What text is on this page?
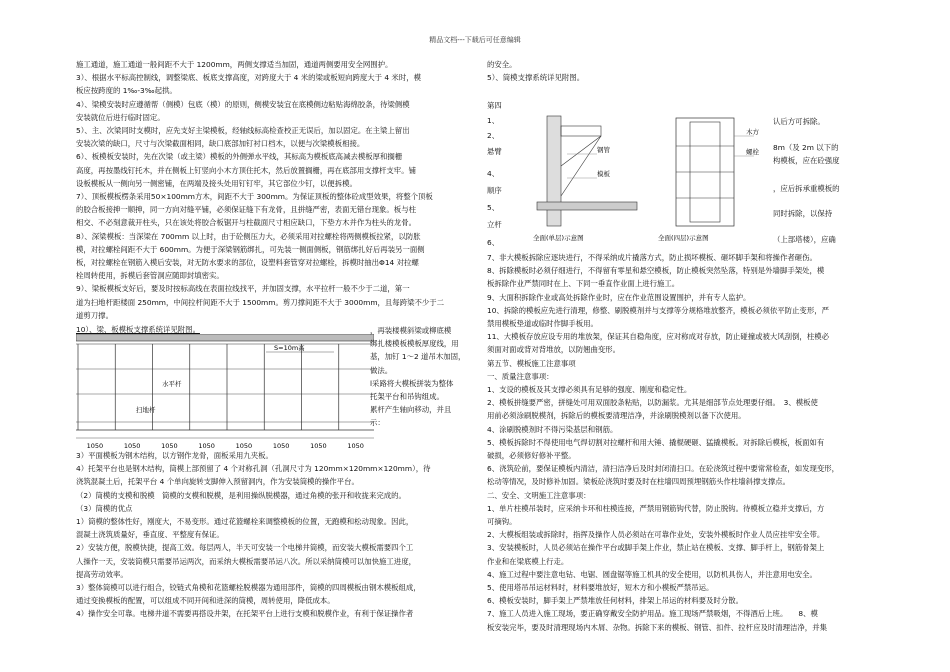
精品文档---下载后可任意编辑
施工通道，施工通道一般间距不大于 1200mm，两侧支撑适当加固，通道两侧要用安全网围护。
3）、根据水平标高控制线，调整梁底、板底支撑高度，对跨度大于 4 米的梁或板短向跨度大于 4 米时，模
板应按跨度的 1‰-3‰起拱。
4）、梁模安装时应遵循帮（侧模）包底（模）的原则，侧模安装宜在底模侧边粘贴海绵胶条，待梁侧模
安装就位后进行临时固定。
5）、主、次梁同时支模时，应先支好主梁模板，经轴线标高检查校正无误后，加以固定。在主梁上留出
安装次梁的缺口，尺寸与次梁截面相同，缺口底部加钉衬口档木，以便与次梁模板相接。
6）、板模板安装时，先在次梁（或主梁）模板的外侧弹水平线，其标高为模板底高减去模板厚和搁栅
高度，再按墨线钉托木，并在侧板上钉竖向小木方顶住托木，然后放置搁栅，再在底部用支撑杆支牢。铺
设板模板从一侧向另一侧密铺，在两端及接头处用钉钉牢，其它部位少钉，以便拆模。
7）、顶板模板楞条采用50×100mm方木，间距不大于 300mm。为保证顶板的整体砼成型效果，将整个顶板
的胶合板接抻一顺抻，同一方向对缝平铺，必须保证缝下有龙骨，且拼缝严密，表面无错台现象。板与柱
相交、不必刻意裁开柱头，只在该处将胶合板锯开与柱截面尺寸相应缺口，下垫方木并作为柱头的龙骨。
8）、深梁模板：当深梁在 700mm 以上时，由于砼侧压力大，必须采用对拉螺栓将两侧模板拉紧，以防胀
模，对拉螺栓间距不大于 600mm。为便于深梁钢筋绑扎，可先装一侧面侧板，钢筋绑扎好后再装另一面侧
板，对拉螺栓在钢筋入模后安装，对无防水要求的部位，设塑料套管穿对拉螺栓，拆模时抽出Φ14 对拉螺
栓周转使用，拆模后套管洞应随即封填密实。
9）、梁板模板支好后，要及时按标高线在表面拉线找平，并加固支撑，水平拉杆一般不少于二道，第一
道为扫地杆距楼面 250mm，中间拉杆间距不大于 1500mm。剪刀撑间距不大于 3000mm，且每跨梁不少于二
道剪刀撑。
10）、梁、板模板支撑系统详见附图。
1050	1050	1050	1050	1050	1050	1050	1050
S=10m高
水平杆
扫地杆
，再装楼模斜梁或柳底模
绑扎楼模板模板厚度线，用
基，加钉 1～2 道吊木加固，
做法。
l采路将大模板拼装为整体
托架平台和吊钩组成。
累杆产生轴向移动，并且
示：
3）平面模板为钢木结构，以方钢作龙骨，面板采用九夹板。
4）托架平台也是钢木结构，筒模上部预留了 4 个对称孔洞（孔洞尺寸为 120mm×120mm×120mm），待
浇筑混凝土后，托架平台 4 个单向旋转支脚伸入预留洞内，作为安装筒模的操作平台。
（2）筒模的支模和脱模　筒模的支模和脱模，是利用操纵脱模器，通过角模的张开和收拢来完成的。
（3）筒模的优点
1）筒模的整体性好，刚度大，不易变形。通过花篮螺栓来调整模板的位置，无跑模和松动现象。因此，
混凝土浇筑质量好，垂直度、平整度有保证。
2）安装方便，脱模快捷，提高工效。每层两人，半天可安装一个电梯井筒模，而安装大模板需要四个工
人操作一天，安装筒模只需要吊运两次，而采纳大模板需要吊运八次。所以采纳筒模可以加快施工进度，
提高劳动效率。
3）整体筒模可以进行组合，铰链式角模和花篮螺栓脱模器为通用部件，筒模的四周模板由钢木模板组成，
通过变换模板的配置，可以组成不同开间和进深的筒模，周转使用，降低成本。
4）操作安全可靠。电梯井道不需要再搭设井架，在托架平台上进行支模和脱模作业，有利于保证操作者
的安全。
5）、筒模支撑系统详见附图。
第四
1、
2、
悬臂
4、
顺序
5、
立杆
6、
认后方可拆除。
8m（及 2m 以下的
构模板，应在砼强度
，应后拆承重模板的
同时拆除，以保持
（上部塔楼），应确
钢管
模板
全面(单层)示意图
木方
螺栓
全面(四层)示意图
7、非大模板拆除应逐块进行，不得采纳成片撬落方式，防止损坏模板、砸坏脚手架和将操作者砸伤。
8、拆除模板时必须仔细进行，不得留有零星和悬空模板，防止模板突然坠落，特别是外墙脚手架处，模
板拆除作业严禁同时在上、下同一垂直作业面上进行施工。
9、大面积拆除作业或高处拆除作业时，应在作业范围设置围护，并有专人监护。
10、拆除的模板应先进行清理，修整、刷脱模剂并与支撑等分规格堆放整齐，模板必须依平防止变形，严
禁用模板垫道或临时作脚手板用。
11、大模板存放应设专用的堆放架，保证其自稳角度，应对称成对存放，防止碰撞或被大风刮倒，柱模必
须面对面或背对背堆放，以防翘曲变形。
第五节、模板施工注意事项
一、质量注意事项：
1、支设的模板及其支撑必须具有足够的强度、刚度和稳定性。
2、模板拼缝要严密，拼缝处可用双面胶条粘贴，以防漏浆。尤其是细部节点处理要仔细。　3、模板使
用前必须涂刷脱模剂，拆除后的模板要清理洁净，并涂刷脱模剂以备下次使用。
4、涂刷脱模剂时不得污染基层和钢筋。
5、模板拆除时不得使用电气焊切割对拉螺杆和用大锤、撬棍硬砸、猛撬模板。对拆除后模板，板面如有
破损，必须修好修补平整。
6、浇筑砼前，要保证模板内清洁，清扫洁净后及时封闭清扫口。在砼浇筑过程中要常常检查，如发现变形，
松动等情况，及时修补加固。梁板砼浇筑时要及时在柱墙四周预埋钢筋头作柱墙斜撑支撑点。
二、安全、文明施工注意事项：
1、单片柱模吊装时，应采纳卡环和柱模连接，严禁用钢筋钩代替，防止脱钩。待模板立稳并支撑后，方
可摘钩。
2、大模板组装或拆除时，指挥及操作人员必须站在可靠作业处，安装外模板时作业人员应挂牢安全带。
3、安装模板时，人员必须站在操作平台或脚手架上作业，禁止站在模板、支撑、脚手杆上，钢筋骨架上
作业和在梁底模上行走。
4、施工过程中要注意电钻、电锯、圆盘锯等施工机具的安全使用，以防机具伤人，并注意用电安全。
5、使用塔吊吊运材料时，材料要堆放好，短木方和小模板严禁吊运。
6、模板安装时，脚手架上严禁堆放任何材料，排架上吊运的材料要及时分散。
7、施工人员进入施工现场，要正确穿戴安全防护用品。施工现场严禁吸烟，不得酒后上班。　　8、模
板安装完毕，要及时清理现场内木屑、杂物。拆除下来的模板、钢管、扣件、拉杆应及时清理洁净，并集
